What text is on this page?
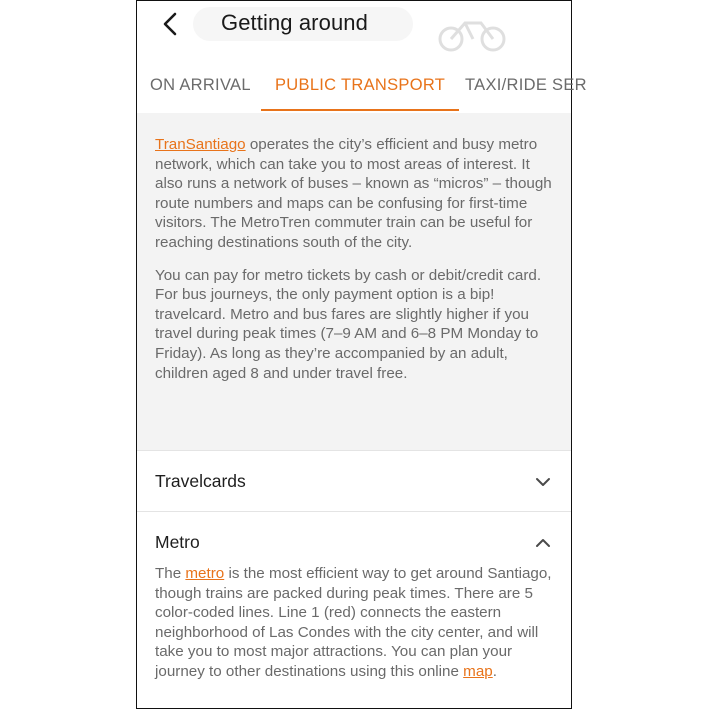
Getting around
ON ARRIVAL PUBLIC TRANSPORT TAXI/RIDE SER

TranSantiago operates the city’s efficient and busy metro network, which can take you to most areas of interest. It also runs a network of buses – known as “micros” – though route numbers and maps can be confusing for first-time visitors. The MetroTren commuter train can be useful for reaching destinations south of the city.

You can pay for metro tickets by cash or debit/credit card. For bus journeys, the only payment option is a bip! travelcard. Metro and bus fares are slightly higher if you travel during peak times (7–9 AM and 6–8 PM Monday to Friday). As long as they’re accompanied by an adult, children aged 8 and under travel free.

Travelcards
Metro
The metro is the most efficient way to get around Santiago, though trains are packed during peak times. There are 5 color-coded lines. Line 1 (red) connects the eastern neighborhood of Las Condes with the city center, and will take you to most major attractions. You can plan your journey to other destinations using this online map.
